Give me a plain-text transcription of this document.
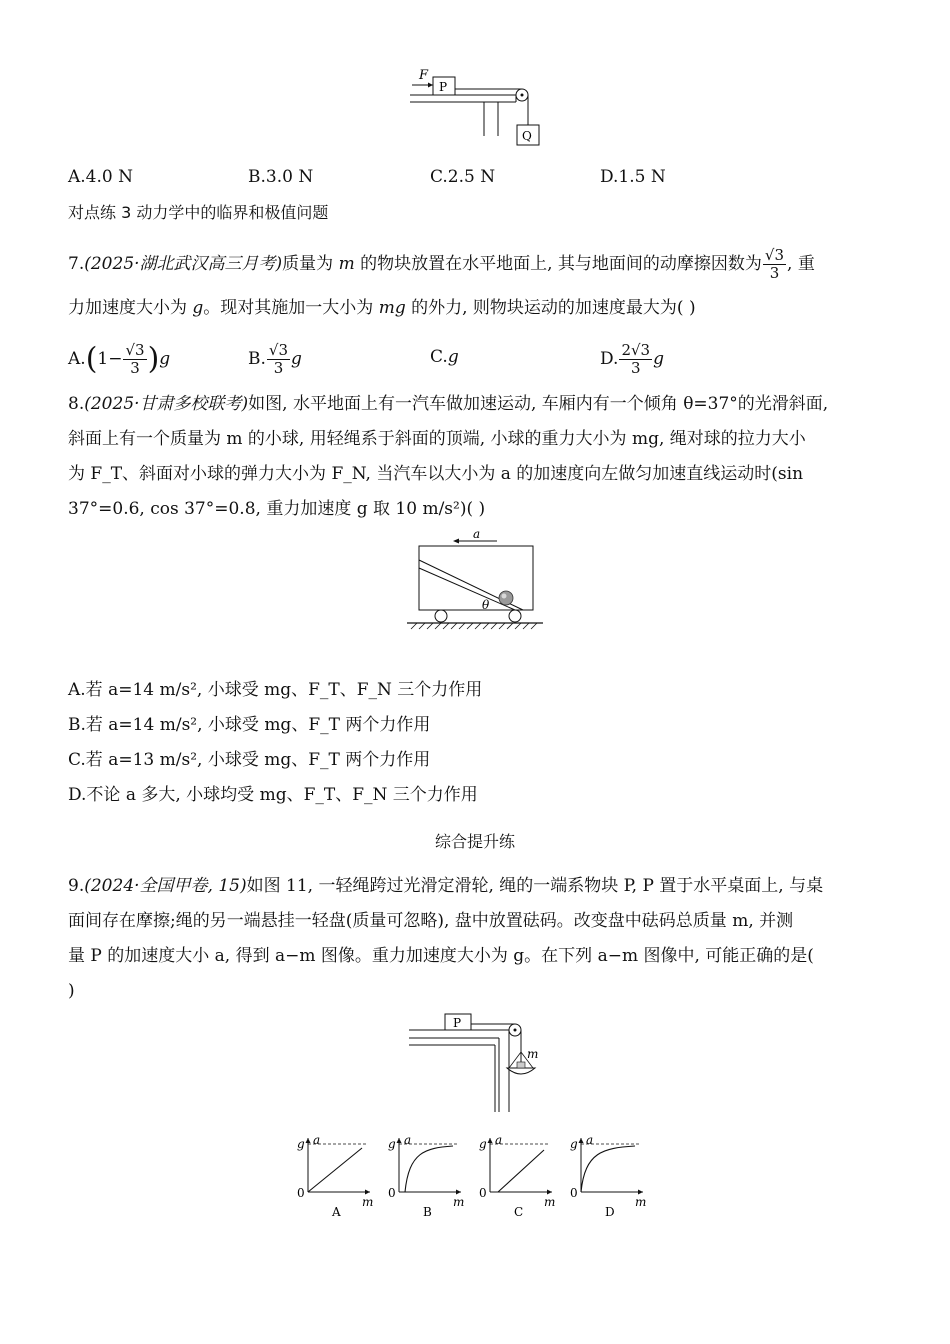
F
P
Q
A.4.0 N	B.3.0 N	C.2.5 N	D.1.5 N
对点练 3 动力学中的临界和极值问题
7.(2025·湖北武汉高三月考)质量为 m 的物块放置在水平地面上, 其与地面间的动摩擦因数为 $\frac{√3}{3}$ , 重
力加速度大小为 g。现对其施加一大小为 mg 的外力, 则物块运动的加速度最大为( )
$A.(1- \frac{√3}{3} )g$	B. $\frac{√3}{3}$ g	C.g	D. $\frac{2√3}{3}$ g
8.(2025·甘肃多校联考)如图, 水平地面上有一汽车做加速运动, 车厢内有一个倾角 θ=37°的光滑斜面,
斜面上有一个质量为 m 的小球, 用轻绳系于斜面的顶端, 小球的重力大小为 mg, 绳对球的拉力大小
为 F_T、斜面对小球的弹力大小为 F_N, 当汽车以大小为 a 的加速度向左做匀加速直线运动时(sin
37°=0.6, cos 37°=0.8, 重力加速度 g 取 10 m/s²)( )
a
θ
A.若 a=14 m/s², 小球受 mg、F_T、F_N 三个力作用
B.若 a=14 m/s², 小球受 mg、F_T 两个力作用
C.若 a=13 m/s², 小球受 mg、F_T 两个力作用
D.不论 a 多大, 小球均受 mg、F_T、F_N 三个力作用
综合提升练
9.(2024·全国甲卷, 15)如图 11, 一轻绳跨过光滑定滑轮, 绳的一端系物块 P, P 置于水平桌面上, 与桌
面间存在摩擦;绳的另一端悬挂一轻盘(质量可忽略), 盘中放置砝码。改变盘中砝码总质量 m, 并测
量 P 的加速度大小 a, 得到 a−m 图像。重力加速度大小为 g。在下列 a−m 图像中, 可能正确的是(
)
P
m
g a
0
m
A
g a
0
m
B
g a
0
m
C
g a
0
m
D
